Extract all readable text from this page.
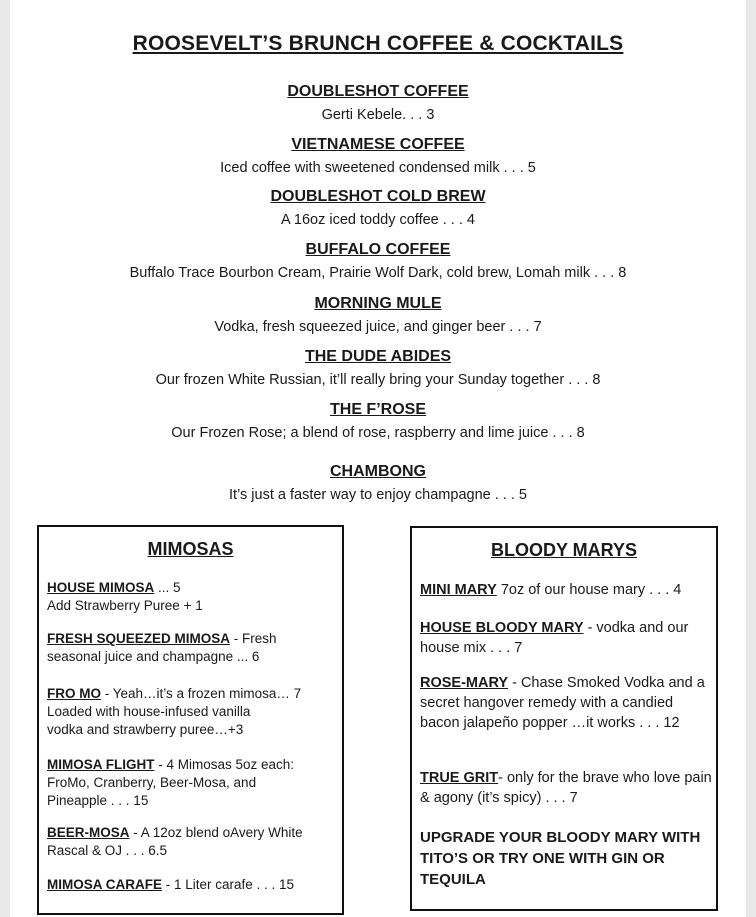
ROOSEVELT’S BRUNCH COFFEE & COCKTAILS
DOUBLESHOT COFFEE
Gerti Kebele. . . 3
VIETNAMESE COFFEE
Iced coffee with sweetened condensed milk . . . 5
DOUBLESHOT COLD BREW
A 16oz iced toddy coffee . . . 4
BUFFALO COFFEE
Buffalo Trace Bourbon Cream, Prairie Wolf Dark, cold brew, Lomah milk . . . 8
MORNING MULE
Vodka, fresh squeezed juice, and ginger beer . . . 7
THE DUDE ABIDES
Our frozen White Russian, it’ll really bring your Sunday together . . . 8
THE F’ROSE
Our Frozen Rose; a blend of rose, raspberry and lime juice . . . 8
CHAMBONG
It’s just a faster way to enjoy champagne . . . 5
MIMOSAS
HOUSE MIMOSA ... 5
Add Strawberry Puree + 1
FRESH SQUEEZED MIMOSA - Fresh
seasonal juice and champagne ... 6
FRO MO - Yeah…it’s a frozen mimosa… 7
Loaded with house-infused vanilla vodka and strawberry puree…+3
MIMOSA FLIGHT - 4 Mimosas 5oz each:
FroMo, Cranberry, Beer-Mosa, and Pineapple . . . 15
BEER-MOSA - A 12oz blend oAvery White
Rascal & OJ . . . 6.5
MIMOSA CARAFE - 1 Liter carafe . . . 15
BLOODY MARYS
MINI MARY 7oz of our house mary . . . 4
HOUSE BLOODY MARY - vodka and our house mix . . . 7
ROSE-MARY - Chase Smoked Vodka and a secret hangover remedy with a candied bacon jalapeño popper …it works . . . 12
TRUE GRIT- only for the brave who love pain & agony (it’s spicy) . . . 7
UPGRADE YOUR BLOODY MARY WITH TITO’S OR TRY ONE WITH GIN OR TEQUILA
